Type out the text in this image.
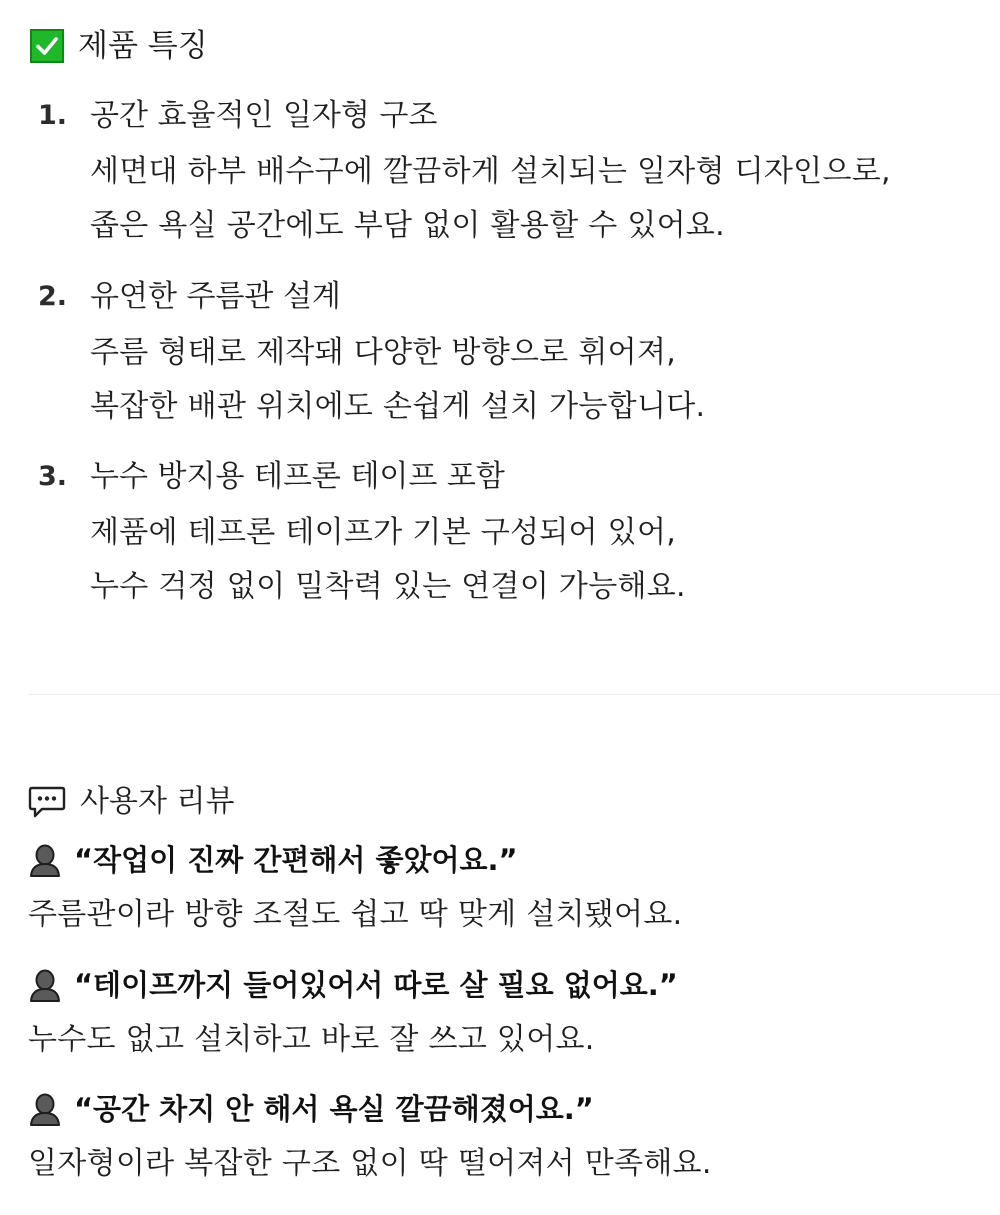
제품 특징
1. 공간 효율적인 일자형 구조
세면대 하부 배수구에 깔끔하게 설치되는 일자형 디자인으로,
좁은 욕실 공간에도 부담 없이 활용할 수 있어요.
2. 유연한 주름관 설계
주름 형태로 제작돼 다양한 방향으로 휘어져,
복잡한 배관 위치에도 손쉽게 설치 가능합니다.
3. 누수 방지용 테프론 테이프 포함
제품에 테프론 테이프가 기본 구성되어 있어,
누수 걱정 없이 밀착력 있는 연결이 가능해요.
사용자 리뷰
“작업이 진짜 간편해서 좋았어요.”
주름관이라 방향 조절도 쉽고 딱 맞게 설치됐어요.
“테이프까지 들어있어서 따로 살 필요 없어요.”
누수도 없고 설치하고 바로 잘 쓰고 있어요.
“공간 차지 안 해서 욕실 깔끔해졌어요.”
일자형이라 복잡한 구조 없이 딱 떨어져서 만족해요.
